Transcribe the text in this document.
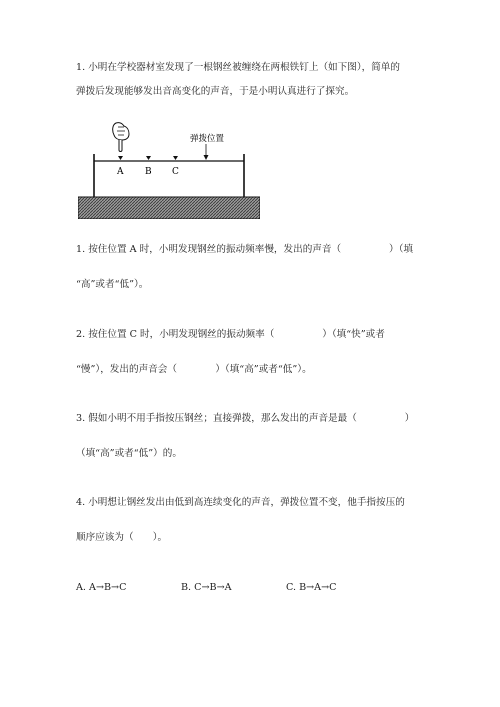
1. 小明在学校器材室发现了一根钢丝被缠绕在两根铁钉上（如下图），简单的
弹拨后发现能够发出音高变化的声音，于是小明认真进行了探究。
A B C
弹拨位置
1. 按住位置 A 时，小明发现钢丝的振动频率慢，发出的声音（　　　　　）（填
“高”或者“低”）。
2. 按住位置 C 时，小明发现钢丝的振动频率（　　　　　）（填“快”或者
“慢”），发出的声音会（　　　　）（填“高”或者“低”）。
3. 假如小明不用手指按压钢丝；直接弹拨，那么发出的声音是最（　　　　　）
（填“高”或者“低”）的。
4. 小明想让钢丝发出由低到高连续变化的声音，弹拨位置不变，他手指按压的
顺序应该为（　　）。
A. A→B→C	B. C→B→A	C. B→A→C
